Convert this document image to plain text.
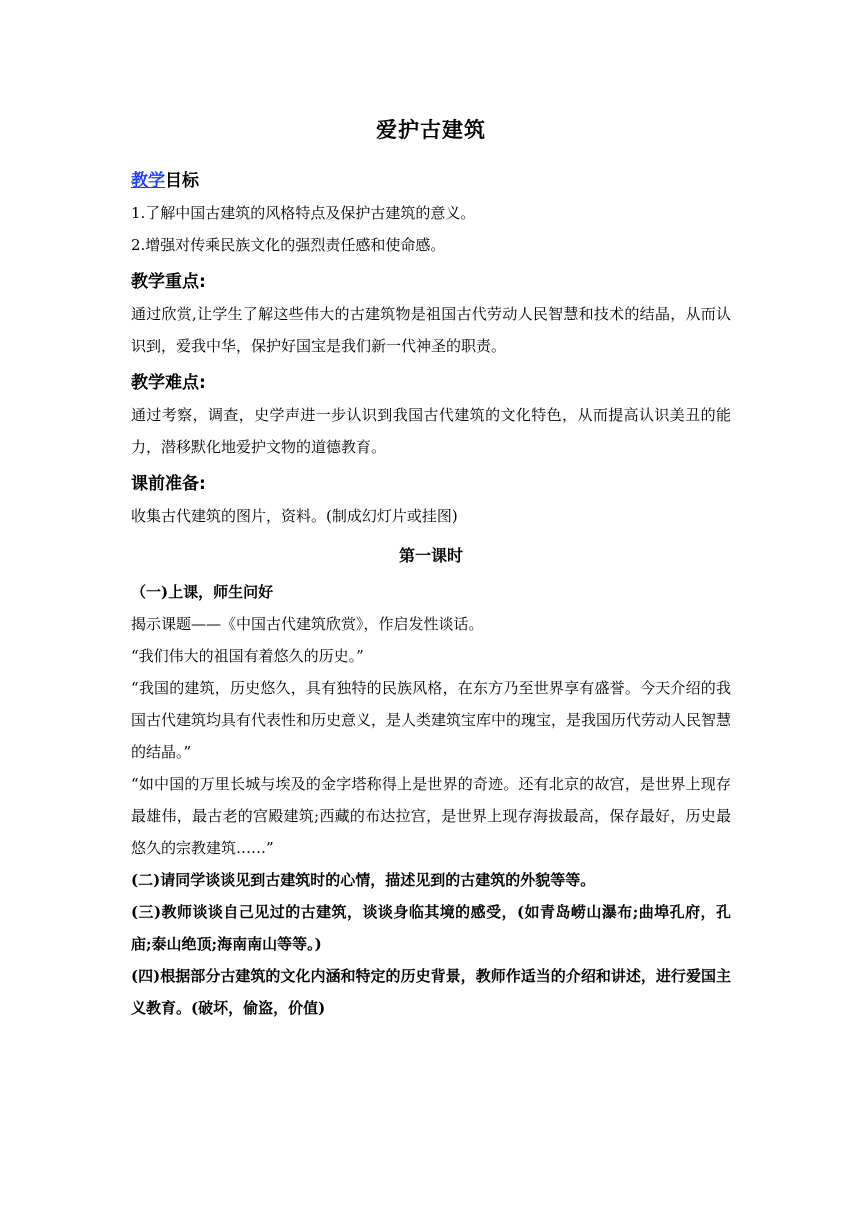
爱护古建筑
教学目标

1.了解中国古建筑的风格特点及保护古建筑的意义。

2.增强对传乘民族文化的强烈责任感和使命感。

教学重点:

通过欣赏,让学生了解这些伟大的古建筑物是祖国古代劳动人民智慧和技术的结晶，从而认识到，爱我中华，保护好国宝是我们新一代神圣的职责。

教学难点:

通过考察，调查，史学声进一步认识到我国古代建筑的文化特色，从而提高认识美丑的能力，潜移默化地爱护文物的道德教育。

课前准备:

收集古代建筑的图片，资料。(制成幻灯片或挂图)

第一课时

（一)上课，师生问好

揭示课题——《中国古代建筑欣赏》，作启发性谈话。

“我们伟大的祖国有着悠久的历史。”

“我国的建筑，历史悠久，具有独特的民族风格，在东方乃至世界享有盛誉。今天介绍的我国古代建筑均具有代表性和历史意义，是人类建筑宝库中的瑰宝，是我国历代劳动人民智慧的结晶。”

“如中国的万里长城与埃及的金字塔称得上是世界的奇迹。还有北京的故宫，是世界上现存最雄伟，最古老的宫殿建筑;西藏的布达拉宫，是世界上现存海拔最高，保存最好，历史最悠久的宗教建筑……”

(二)请同学谈谈见到古建筑时的心情，描述见到的古建筑的外貌等等。

(三)教师谈谈自己见过的古建筑，谈谈身临其境的感受，(如青岛崂山瀑布;曲埠孔府，孔庙;泰山绝顶;海南南山等等。)

(四)根据部分古建筑的文化内涵和特定的历史背景，教师作适当的介绍和讲述，进行爱国主义教育。(破坏，偷盗，价值)
